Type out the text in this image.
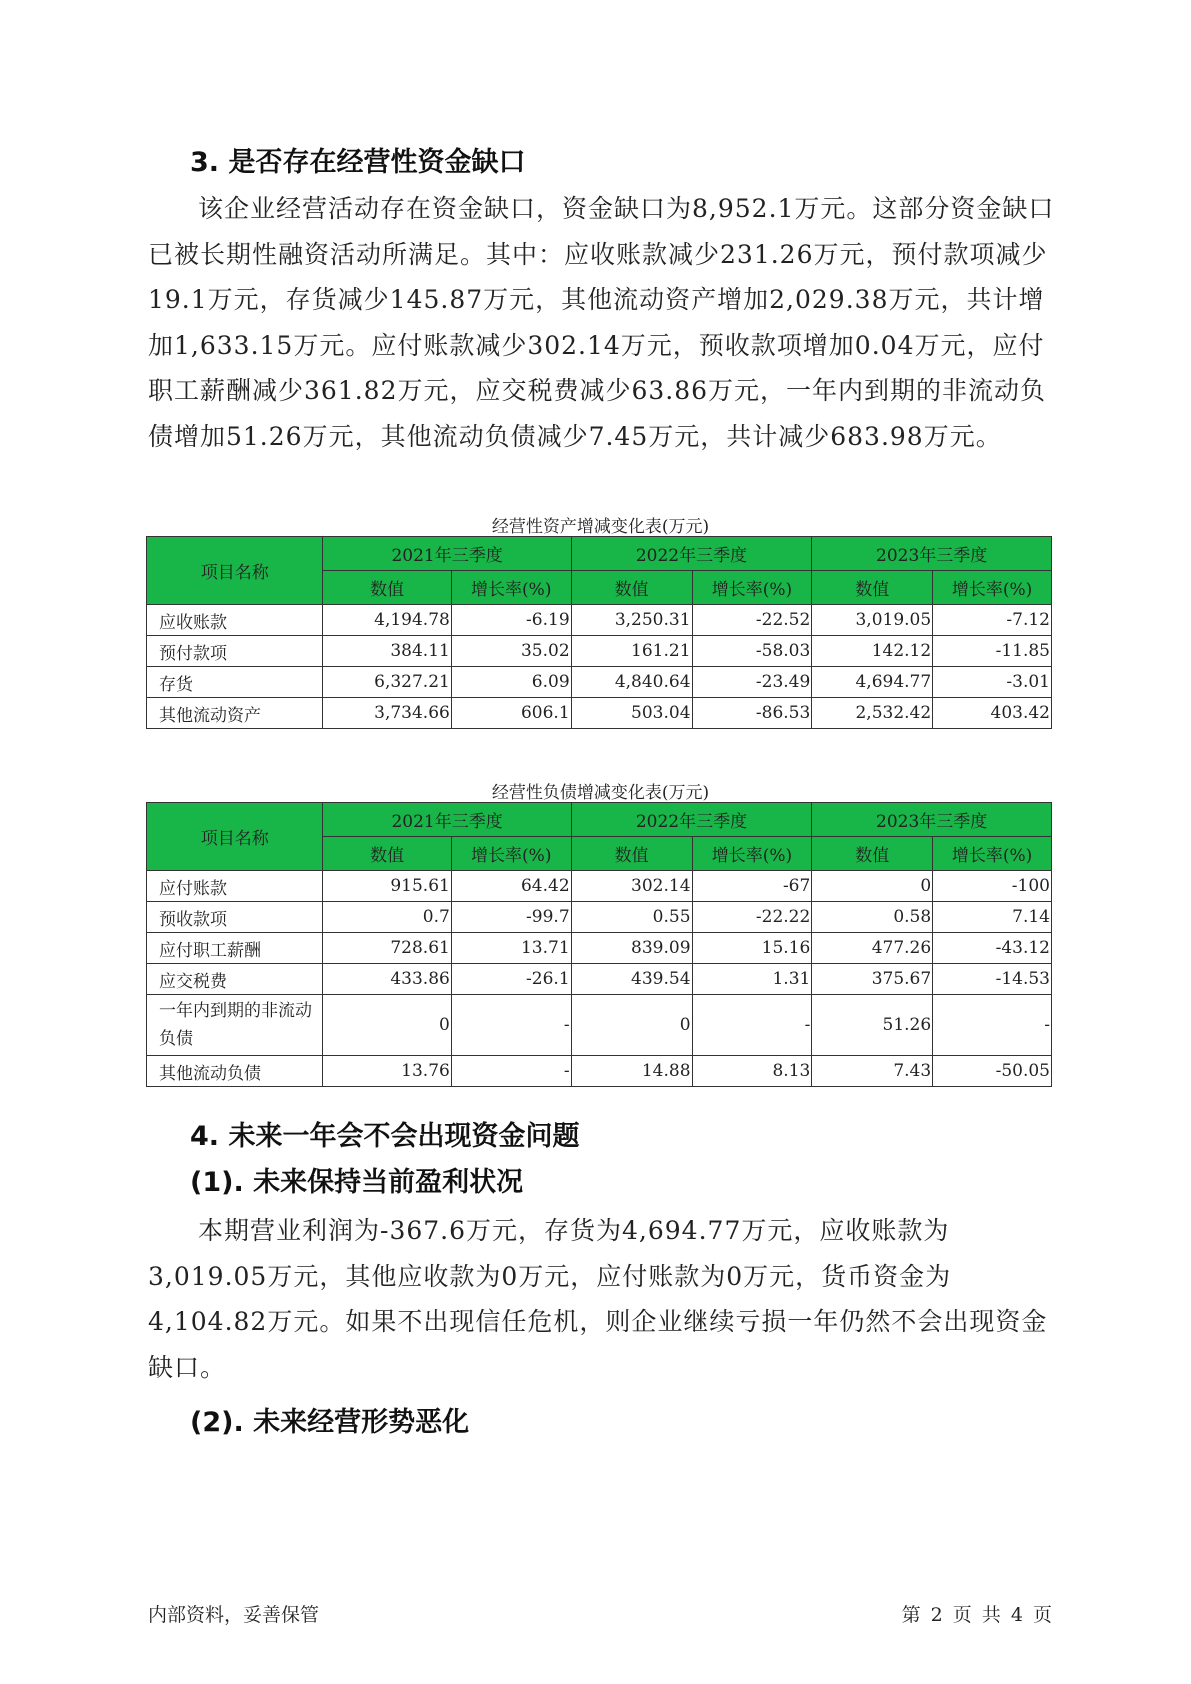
3. 是否存在经营性资金缺口

该企业经营活动存在资金缺口，资金缺口为8,952.1万元。这部分资金缺口已被长期性融资活动所满足。其中：应收账款减少231.26万元，预付款项减少19.1万元，存货减少145.87万元，其他流动资产增加2,029.38万元，共计增加1,633.15万元。应付账款减少302.14万元，预收款项增加0.04万元，应付职工薪酬减少361.82万元，应交税费减少63.86万元，一年内到期的非流动负债增加51.26万元，其他流动负债减少7.45万元，共计减少683.98万元。

经营性资产增减变化表(万元)
项目名称	2021年三季度		2022年三季度		2023年三季度	
	数值	增长率(%)	数值	增长率(%)	数值	增长率(%)
应收账款	4,194.78	-6.19	3,250.31	-22.52	3,019.05	-7.12
预付款项	384.11	35.02	161.21	-58.03	142.12	-11.85
存货	6,327.21	6.09	4,840.64	-23.49	4,694.77	-3.01
其他流动资产	3,734.66	606.1	503.04	-86.53	2,532.42	403.42
经营性负债增减变化表(万元)
项目名称	2021年三季度		2022年三季度		2023年三季度	
	数值	增长率(%)	数值	增长率(%)	数值	增长率(%)
应付账款	915.61	64.42	302.14	-67	0	-100
预收款项	0.7	-99.7	0.55	-22.22	0.58	7.14
应付职工薪酬	728.61	13.71	839.09	15.16	477.26	-43.12
应交税费	433.86	-26.1	439.54	1.31	375.67	-14.53
一年内到期的非流动负债	0	-	0	-	51.26	-
其他流动负债	13.76	-	14.88	8.13	7.43	-50.05
4. 未来一年会不会出现资金问题
(1). 未来保持当前盈利状况

本期营业利润为-367.6万元，存货为4,694.77万元，应收账款为3,019.05万元，其他应收款为0万元，应付账款为0万元，货币资金为4,104.82万元。如果不出现信任危机，则企业继续亏损一年仍然不会出现资金缺口。

(2). 未来经营形势恶化
内部资料，妥善保管	第 2 页 共 4 页
